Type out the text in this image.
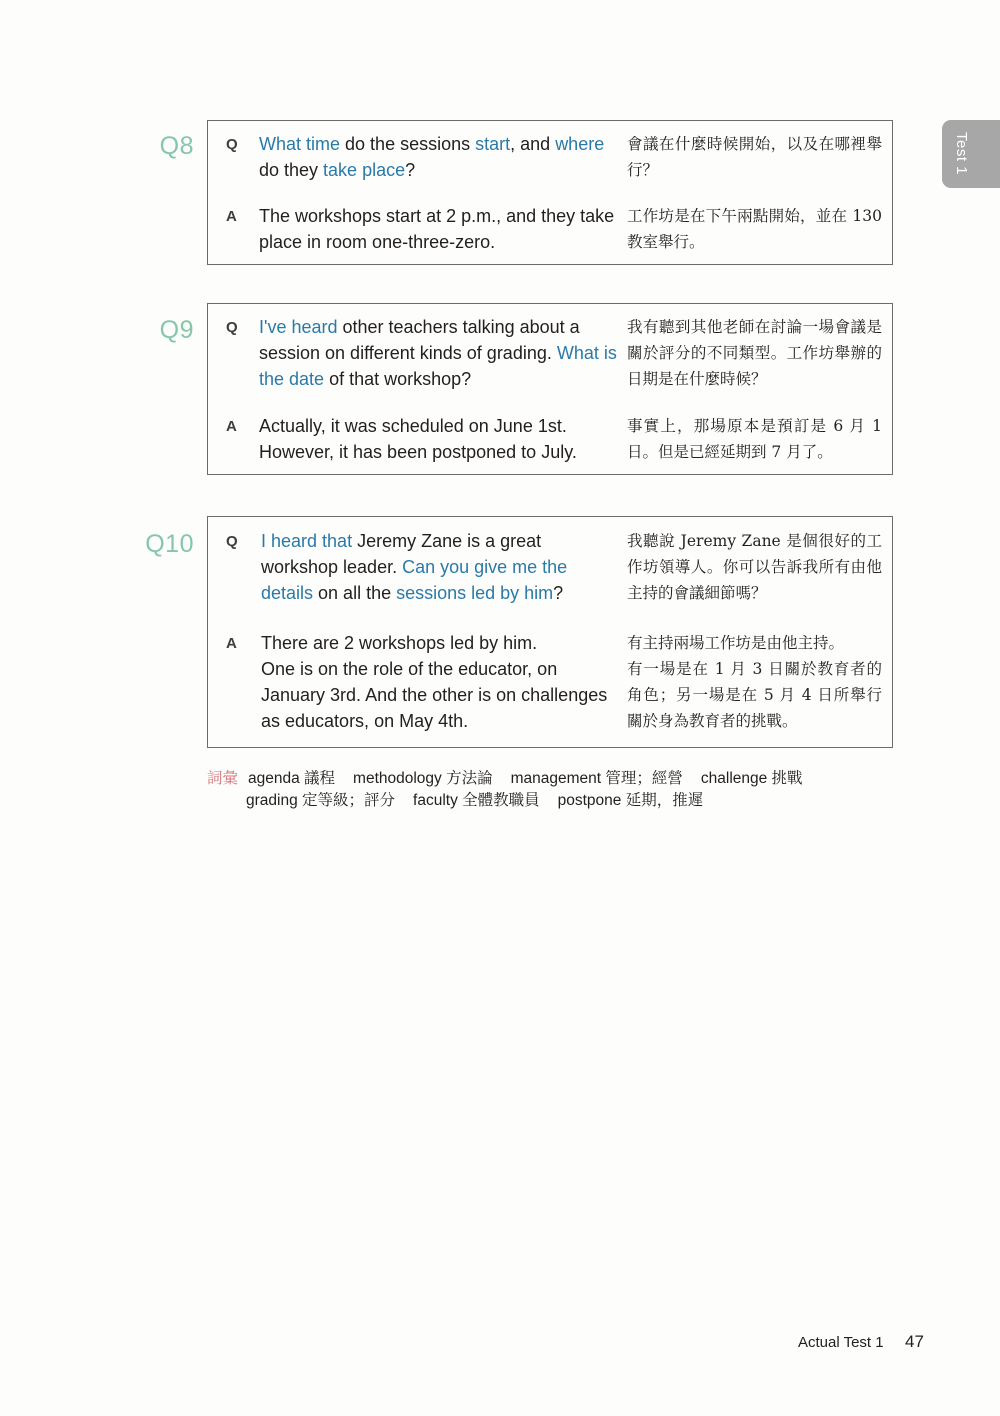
Test 1
Q8 Q What time do the sessions start, and where do they take place?
會議在什麼時候開始，以及在哪裡舉行？
A The workshops start at 2 p.m., and they take place in room one-three-zero.
工作坊是在下午兩點開始，並在 130 教室舉行。
Q9 Q I've heard other teachers talking about a session on different kinds of grading. What is the date of that workshop?
我有聽到其他老師在討論一場會議是關於評分的不同類型。工作坊舉辦的日期是在什麼時候？
A Actually, it was scheduled on June 1st. However, it has been postponed to July.
事實上，那場原本是預訂是 6 月 1 日。但是已經延期到 7 月了。
Q10 Q I heard that Jeremy Zane is a great workshop leader. Can you give me the details on all the sessions led by him?
我聽說 Jeremy Zane 是個很好的工作坊領導人。你可以告訴我所有由他主持的會議細節嗎？
A There are 2 workshops led by him.
One is on the role of the educator, on January 3rd. And the other is on challenges as educators, on May 4th.
有主持兩場工作坊是由他主持。
有一場是在 1 月 3 日關於教育者的角色；另一場是在 5 月 4 日所舉行關於身為教育者的挑戰。
詞彙 agenda 議程 methodology 方法論 management 管理；經營 challenge 挑戰
grading 定等級；評分 faculty 全體教職員 postpone 延期，推遲
Actual Test 1 47
